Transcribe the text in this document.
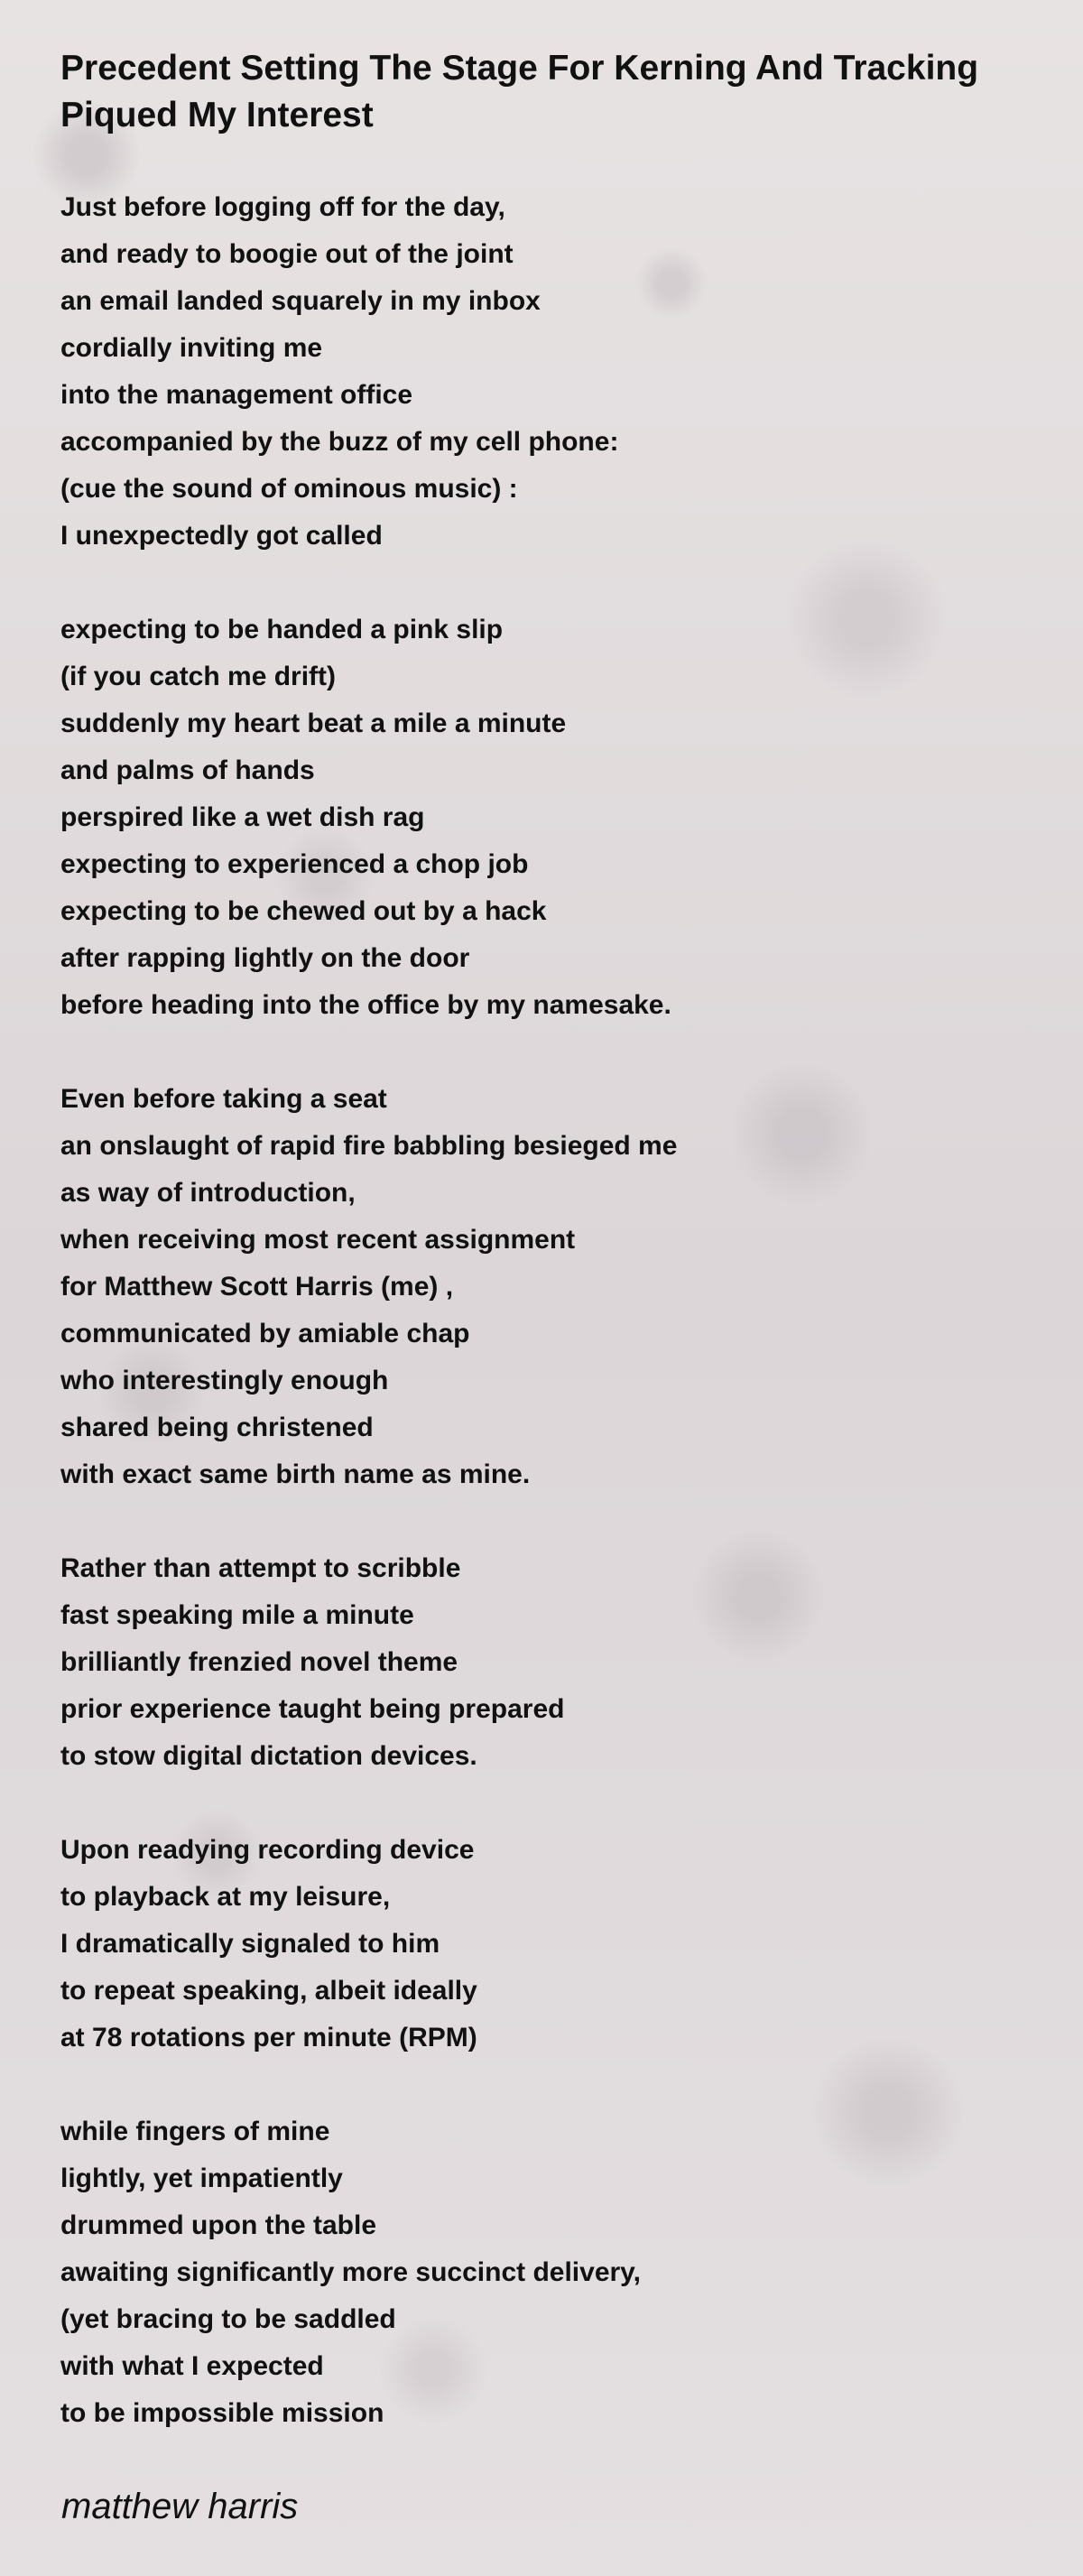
Precedent Setting The Stage For Kerning And Tracking Piqued My Interest
Just before logging off for the day,
and ready to boogie out of the joint
an email landed squarely in my inbox
cordially inviting me
into the management office
accompanied by the buzz of my cell phone:
(cue the sound of ominous music) :
I unexpectedly got called
expecting to be handed a pink slip
(if you catch me drift)
suddenly my heart beat a mile a minute
and palms of hands
perspired like a wet dish rag
expecting to experienced a chop job
expecting to be chewed out by a hack
after rapping lightly on the door
before heading into the office by my namesake.
Even before taking a seat
an onslaught of rapid fire babbling besieged me
as way of introduction,
when receiving most recent assignment
for Matthew Scott Harris (me) ,
communicated by amiable chap
who interestingly enough
shared being christened
with exact same birth name as mine.
Rather than attempt to scribble
fast speaking mile a minute
brilliantly frenzied novel theme
prior experience taught being prepared
to stow digital dictation devices.
Upon readying recording device
to playback at my leisure,
I dramatically signaled to him
to repeat speaking, albeit ideally
at 78 rotations per minute (RPM)
while fingers of mine
lightly, yet impatiently
drummed upon the table
awaiting significantly more succinct delivery,
(yet bracing to be saddled
with what I expected
to be impossible mission
matthew harris
